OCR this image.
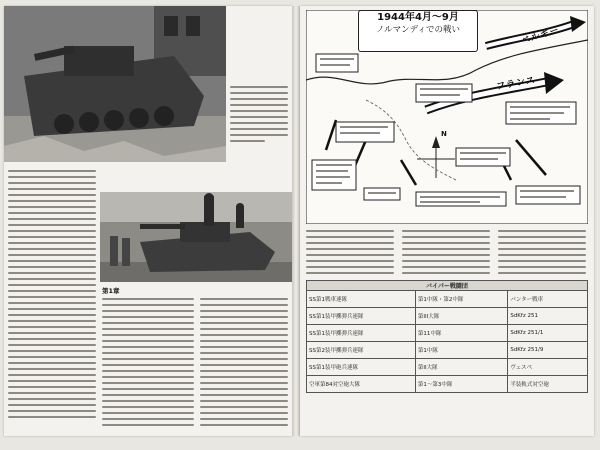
第1章
1944年4月〜9月
ノルマンディでの戦い
フランス
ベルギー
N
バイパー戦闘団		
SS第1戦車連隊	第1中隊・第2中隊	パンター戦車
SS第1装甲擲弾兵連隊	第III大隊	SdKfz 251
SS第1装甲擲弾兵連隊	第11中隊	SdKfz 251/1
SS第2装甲擲弾兵連隊	第1中隊	SdKfz 251/9
SS第1装甲砲兵連隊	第II大隊	ヴェスペ
空軍第84対空砲大隊	第1〜第3中隊	半装軌式対空砲
